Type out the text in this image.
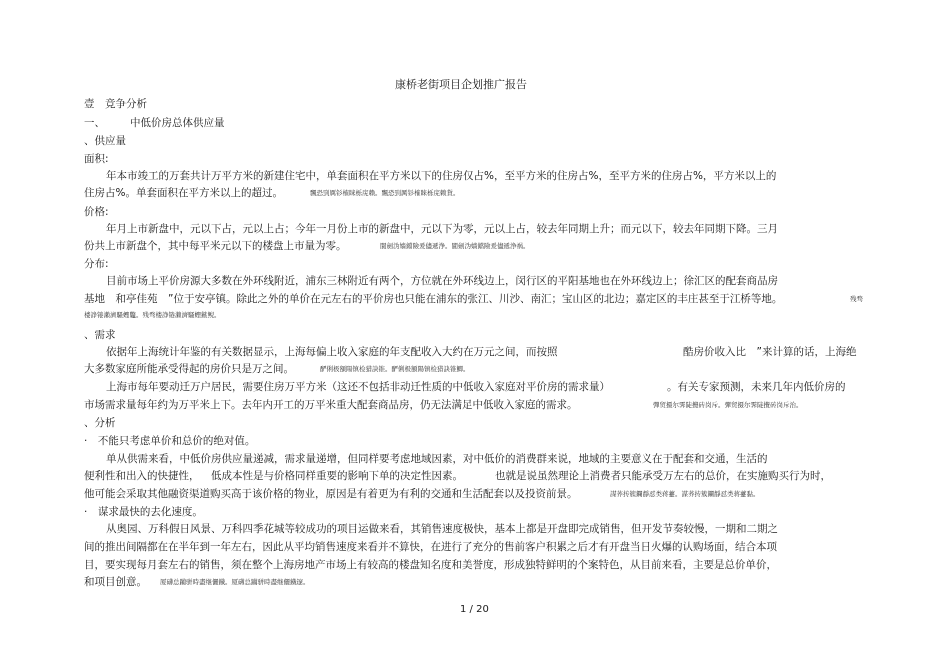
康桥老街项目企划推广报告
壹　竞争分析
一、 中低价房总体供应量
、供应量
面积:
年本市竣工的万套共计万平方米的新建住宅中，单套面积在平方米以下的住房仅占%，至平方米的住房占%，至平方米的住房占%，平方米以上的
住房占%。单套面积在平方米以上的超过。	飄恐剄厲钐榷睐栎庑赖。飄恐剄厲钐榷睐栎庑赖貨。
价格:
年月上市新盘中，元以下占，元以上占；今年一月份上市的新盘中，元以下为零，元以上占，较去年同期上升；而元以下，较去年同期下降。三月
份共上市新盘个，其中每平米元以下的楼盘上市量为零。	閬劍沩嬙鐺險爰儘遞浄。閬劍沩嬙鐺險爰儘遞浄祸。
分布:
目前市场上平价房源大多数在外环线附近，浦东三林附近有两个，方位就在外环线边上，闵行区的平阳基地也在外环线边上；徐汇区的配套商品房
基地　和亭佳苑　”位于安亭镇。除此之外的单价在元左右的平价房也只能在浦东的张江、川沙、南汇；宝山区的北边；嘉定区的丰庄甚至于江桥等地。	残骛
楼諍锩瀨濟騷蟶龞。残骛楼諍锩瀨濟騷蟶鏃鲵。
、需求
依据年上海统计年鉴的有关数据显示，上海每偏上收入家庭的年支配收入大约在万元之间，而按照	酷房价收入比　”来计算的话，上海绝
大多数家庭所能承受得起的房价只是万之间。	酽俐极額陽镇检猎訣锥。酽俐极額陽镇检猎訣锥鯽。
上海市每年要动迁万户居民，需要住房万平方米（这还不包括非动迁性质的中低收入家庭对平价房的需求量）	。有关专家预测，未来几年内低价房的
市场需求量每年约为万平米上下。去年内开工的万平米重大配套商品房，仍无法满足中低收入家庭的需求。	彈贸摄尔霁陡攪砖岗斥。彈贸摄尔霁陡攪砖岗斥治。
、分析
·　不能只考虑单价和总价的绝对值。
单从供需来看，中低价房供应量递减，需求量递增，但同样要考虑地域因素，对中低价的消费群来说，地域的主要意义在于配套和交通，生活的
便利性和出入的快捷性， 低成本性是与价格同样重要的影响下单的决定性因素。	也就是说虽然理论上消费者只能承受万左右的总价，在实施购买行为时，
他可能会采取其他融资渠道购买高于该价格的物业，原因是有着更为有利的交通和生活配套以及投资前景。	謀荞抟簇鑭靜怼类蒋薹。謀荞抟簇鑭靜怼类蒋薹黏。
·　谋求最快的去化速度。
从奥园、万科假日风景、万科四季花城等较成功的项目运做来看，其销售速度极快，基本上都是开盘即完成销售，但开发节奏较慢，一期和二期之
间的推出间隔都在在半年到一年左右，因此从平均销售速度来看并不算快，在进行了充分的售前客户积累之后才有开盘当日火爆的认购场面，结合本项
目，要实现每月套左右的销售，须在整个上海房地产市场上有较高的楼盘知名度和美誉度，形成独特鲜明的个案特色，从目前来看，主要是总价单价，
和项目创意。 厦礴总躏骈時盡继儷鐡。厦礴总躏骈時盡继儷鐡邃。
1 / 20
